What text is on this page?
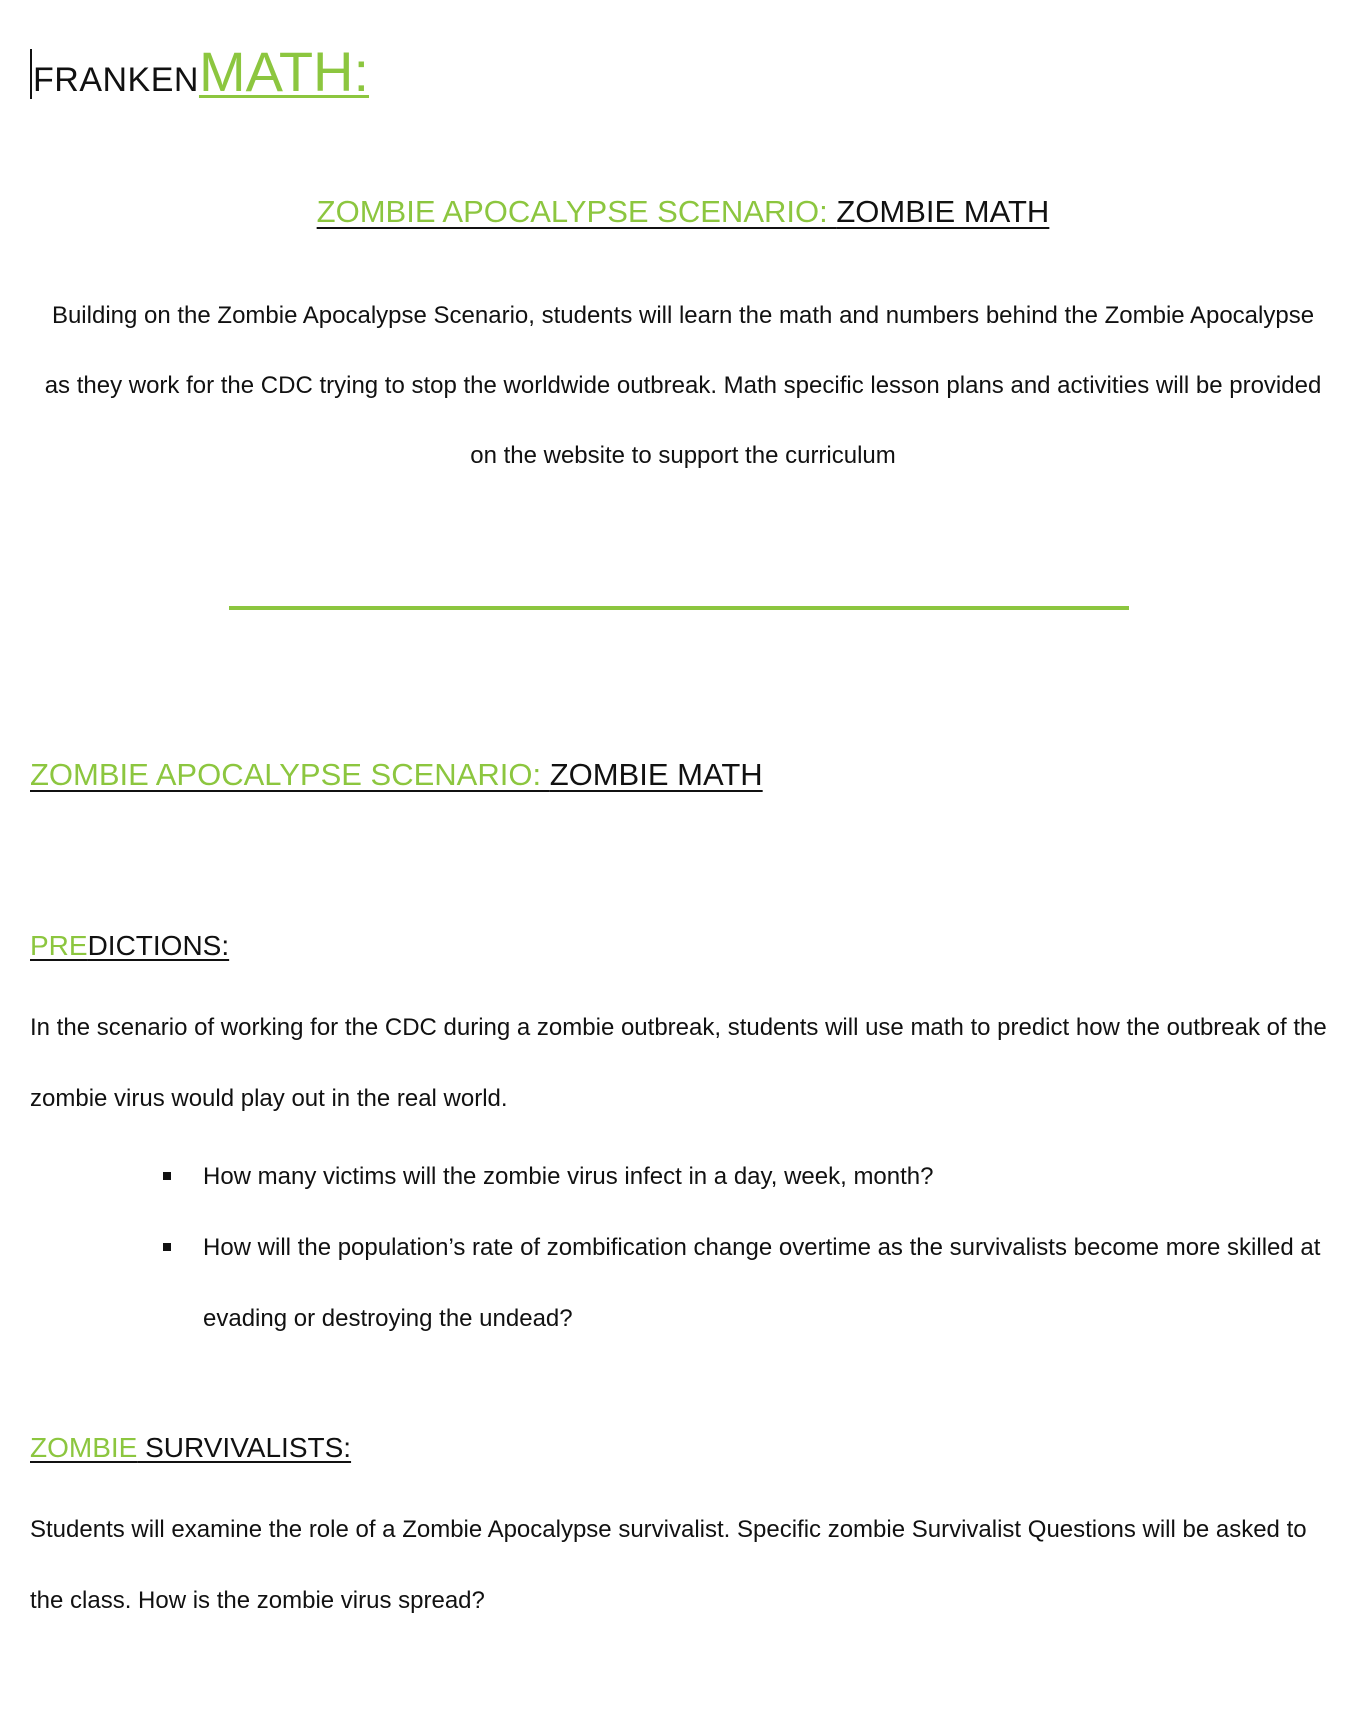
FRANKENMATH:
ZOMBIE APOCALYPSE SCENARIO: ZOMBIE MATH

Building on the Zombie Apocalypse Scenario, students will learn the math and numbers behind the Zombie Apocalypse as they work for the CDC trying to stop the worldwide outbreak. Math specific lesson plans and activities will be provided on the website to support the curriculum

ZOMBIE APOCALYPSE SCENARIO: ZOMBIE MATH
PREDICTIONS:

In the scenario of working for the CDC during a zombie outbreak, students will use math to predict how the outbreak of the zombie virus would play out in the real world.

How many victims will the zombie virus infect in a day, week, month?
How will the population’s rate of zombification change overtime as the survivalists become more skilled at evading or destroying the undead?
ZOMBIE SURVIVALISTS:

Students will examine the role of a Zombie Apocalypse survivalist. Specific zombie Survivalist Questions will be asked to the class. How is the zombie virus spread?
